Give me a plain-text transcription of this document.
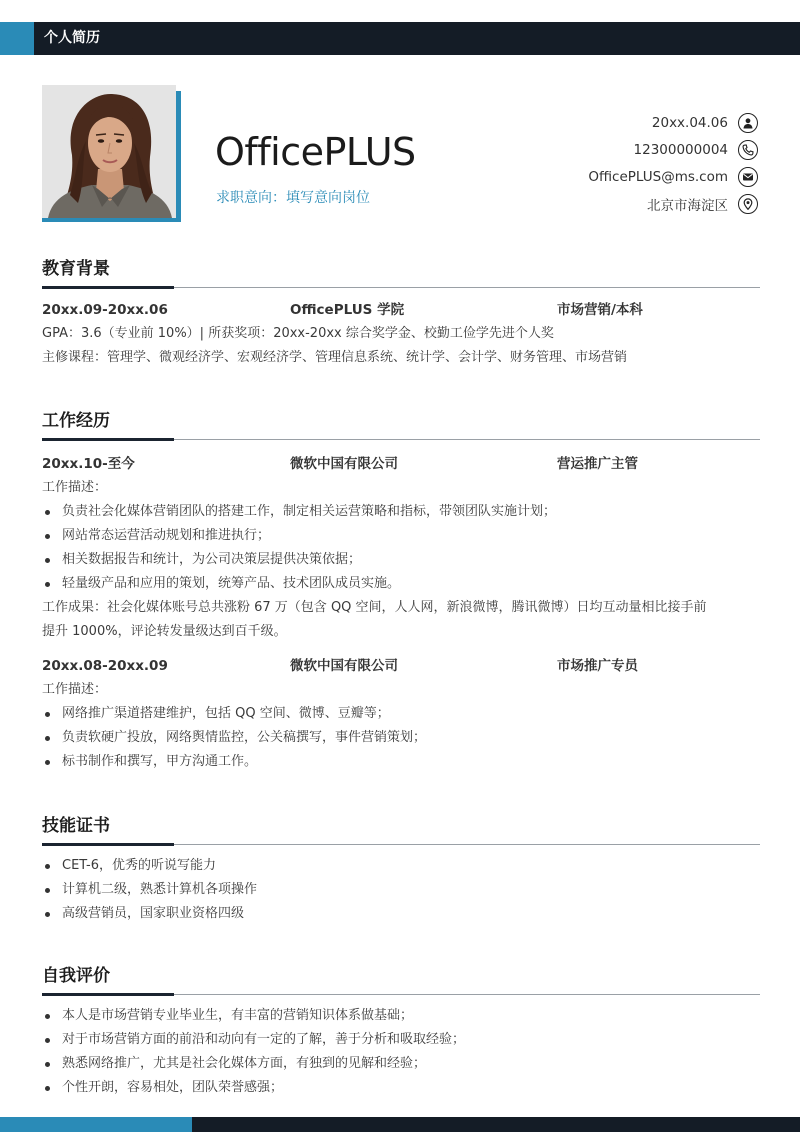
个人简历
OfficePLUS
求职意向：填写意向岗位
20xx.04.06
12300000004
OfficePLUS@ms.com
北京市海淀区
教育背景
20xx.09-20xx.06	OfficePLUS 学院	市场营销/本科
GPA：3.6（专业前 10%）| 所获奖项：20xx-20xx 综合奖学金、校勤工俭学先进个人奖
主修课程：管理学、微观经济学、宏观经济学、管理信息系统、统计学、会计学、财务管理、市场营销
工作经历
20xx.10-至今	微软中国有限公司	营运推广主管
工作描述：
负责社会化媒体营销团队的搭建工作，制定相关运营策略和指标，带领团队实施计划；
网站常态运营活动规划和推进执行；
相关数据报告和统计，为公司决策层提供决策依据；
轻量级产品和应用的策划，统筹产品、技术团队成员实施。
工作成果：社会化媒体账号总共涨粉 67 万（包含 QQ 空间，人人网，新浪微博，腾讯微博）日均互动量相比接手前
提升 1000%，评论转发量级达到百千级。
20xx.08-20xx.09	微软中国有限公司	市场推广专员
工作描述：
网络推广渠道搭建维护，包括 QQ 空间、微博、豆瓣等；
负责软硬广投放，网络舆情监控，公关稿撰写，事件营销策划；
标书制作和撰写，甲方沟通工作。
技能证书
CET-6，优秀的听说写能力
计算机二级，熟悉计算机各项操作
高级营销员，国家职业资格四级
自我评价
本人是市场营销专业毕业生，有丰富的营销知识体系做基础；
对于市场营销方面的前沿和动向有一定的了解，善于分析和吸取经验；
熟悉网络推广，尤其是社会化媒体方面，有独到的见解和经验；
个性开朗，容易相处，团队荣誉感强；
